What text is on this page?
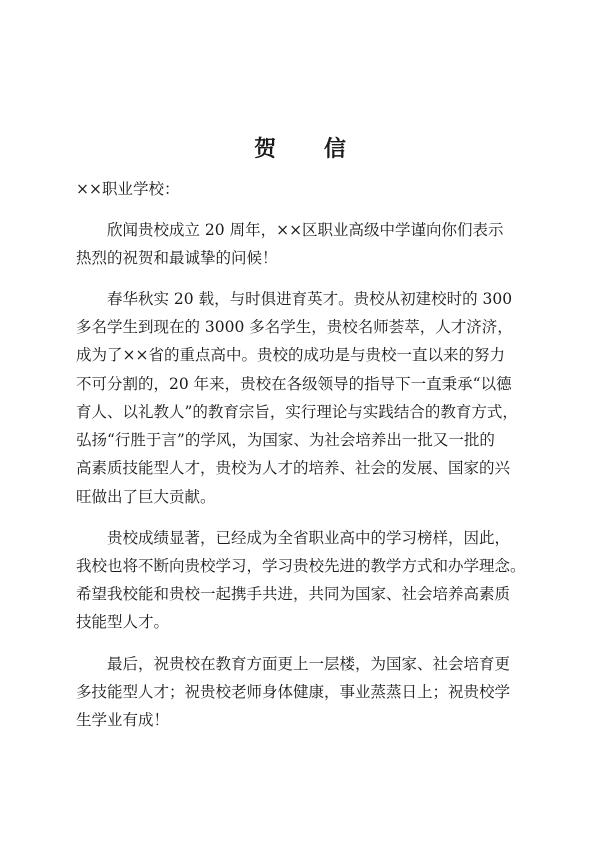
贺 信
××职业学校：
欣闻贵校成立 20 周年，××区职业高级中学谨向你们表示
热烈的祝贺和最诚挚的问候！
春华秋实 20 载，与时俱进育英才。贵校从初建校时的 300
多名学生到现在的 3000 多名学生，贵校名师荟萃，人才济济，
成为了××省的重点高中。贵校的成功是与贵校一直以来的努力
不可分割的，20 年来，贵校在各级领导的指导下一直秉承“以德
育人、以礼教人”的教育宗旨，实行理论与实践结合的教育方式，
弘扬“行胜于言”的学风，为国家、为社会培养出一批又一批的
高素质技能型人才，贵校为人才的培养、社会的发展、国家的兴
旺做出了巨大贡献。
贵校成绩显著，已经成为全省职业高中的学习榜样，因此，
我校也将不断向贵校学习，学习贵校先进的教学方式和办学理念。
希望我校能和贵校一起携手共进，共同为国家、社会培养高素质
技能型人才。
最后，祝贵校在教育方面更上一层楼，为国家、社会培育更
多技能型人才；祝贵校老师身体健康，事业蒸蒸日上；祝贵校学
生学业有成！
